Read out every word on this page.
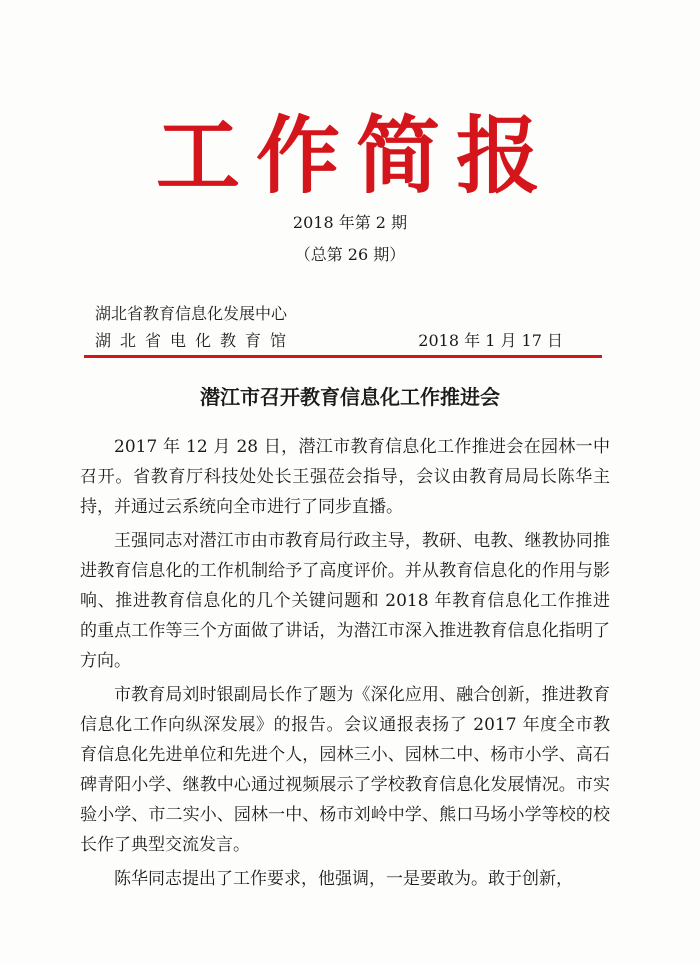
工作简报
2018 年第 2 期
（总第 26 期）
湖北省教育信息化发展中心
湖北省电化教育馆	2018 年 1 月 17 日
潜江市召开教育信息化工作推进会

2017 年 12 月 28 日，潜江市教育信息化工作推进会在园林一中召开。省教育厅科技处处长王强莅会指导，会议由教育局局长陈华主持，并通过云系统向全市进行了同步直播。

王强同志对潜江市由市教育局行政主导，教研、电教、继教协同推进教育信息化的工作机制给予了高度评价。并从教育信息化的作用与影响、推进教育信息化的几个关键问题和 2018 年教育信息化工作推进的重点工作等三个方面做了讲话，为潜江市深入推进教育信息化指明了方向。

市教育局刘时银副局长作了题为《深化应用、融合创新，推进教育信息化工作向纵深发展》的报告。会议通报表扬了 2017 年度全市教育信息化先进单位和先进个人，园林三小、园林二中、杨市小学、高石碑青阳小学、继教中心通过视频展示了学校教育信息化发展情况。市实验小学、市二实小、园林一中、杨市刘岭中学、熊口马场小学等校的校长作了典型交流发言。

陈华同志提出了工作要求，他强调，一是要敢为。敢于创新，
